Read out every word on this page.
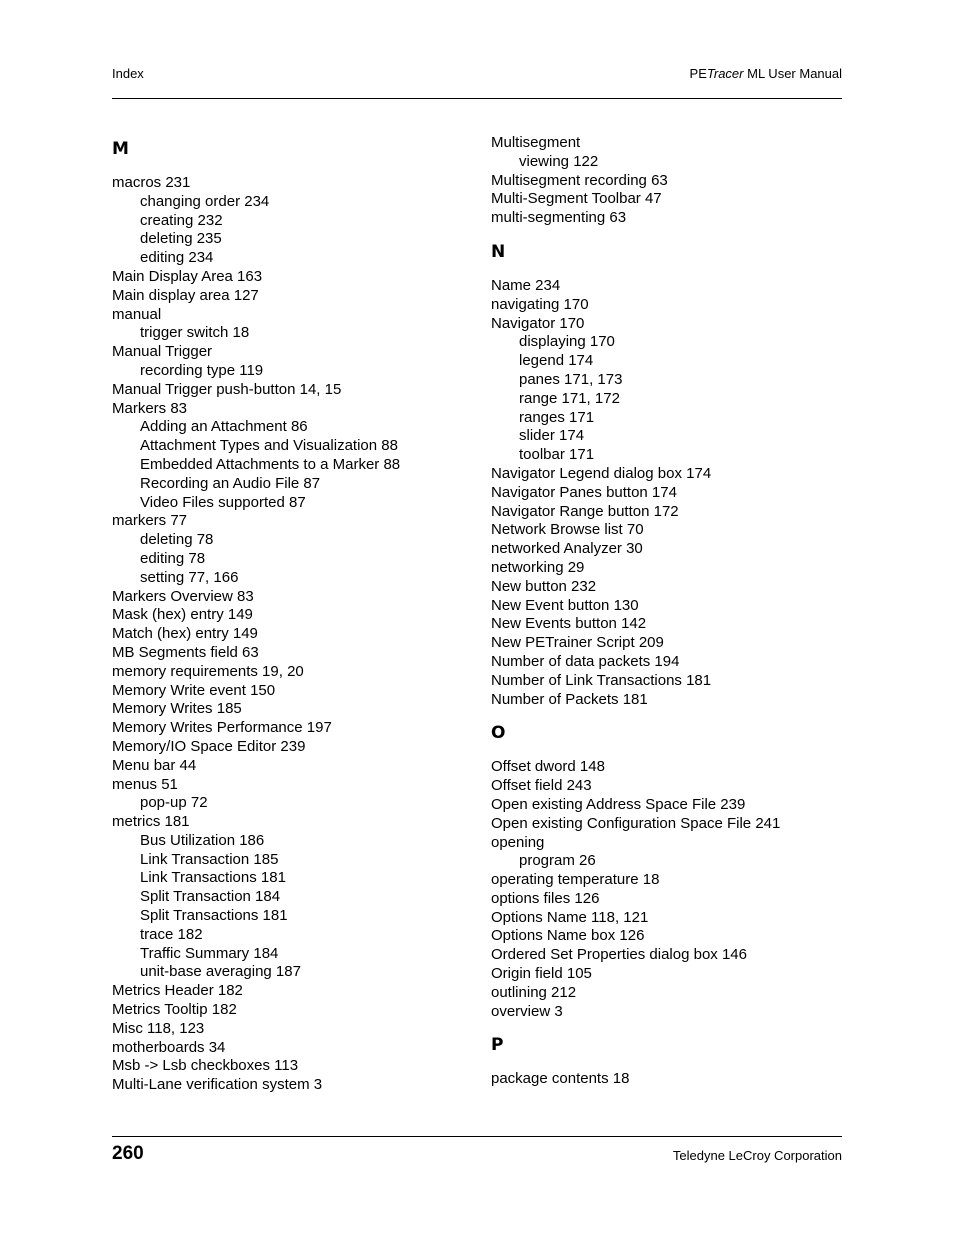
Index	PETracer ML User Manual
M
macros 231
changing order 234
creating 232
deleting 235
editing 234
Main Display Area 163
Main display area 127
manual
trigger switch 18
Manual Trigger
recording type 119
Manual Trigger push-button 14, 15
Markers 83
Adding an Attachment 86
Attachment Types and Visualization 88
Embedded Attachments to a Marker 88
Recording an Audio File 87
Video Files supported 87
markers 77
deleting 78
editing 78
setting 77, 166
Markers Overview 83
Mask (hex) entry 149
Match (hex) entry 149
MB Segments field 63
memory requirements 19, 20
Memory Write event 150
Memory Writes 185
Memory Writes Performance 197
Memory/IO Space Editor 239
Menu bar 44
menus 51
pop-up 72
metrics 181
Bus Utilization 186
Link Transaction 185
Link Transactions 181
Split Transaction 184
Split Transactions 181
trace 182
Traffic Summary 184
unit-base averaging 187
Metrics Header 182
Metrics Tooltip 182
Misc 118, 123
motherboards 34
Msb -> Lsb checkboxes 113
Multi-Lane verification system 3
Multisegment
viewing 122
Multisegment recording 63
Multi-Segment Toolbar 47
multi-segmenting 63
N
Name 234
navigating 170
Navigator 170
displaying 170
legend 174
panes 171, 173
range 171, 172
ranges 171
slider 174
toolbar 171
Navigator Legend dialog box 174
Navigator Panes button 174
Navigator Range button 172
Network Browse list 70
networked Analyzer 30
networking 29
New button 232
New Event button 130
New Events button 142
New PETrainer Script 209
Number of data packets 194
Number of Link Transactions 181
Number of Packets 181
O
Offset dword 148
Offset field 243
Open existing Address Space File 239
Open existing Configuration Space File 241
opening
program 26
operating temperature 18
options files 126
Options Name 118, 121
Options Name box 126
Ordered Set Properties dialog box 146
Origin field 105
outlining 212
overview 3
P
package contents 18
260	Teledyne LeCroy Corporation
